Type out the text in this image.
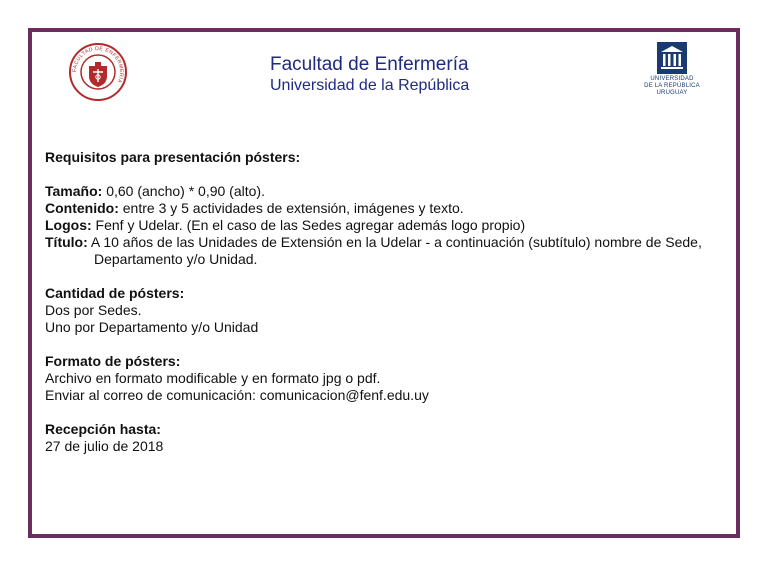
FACULTAD DE ENFERMERÍA
Facultad de Enfermería
Universidad de la República	UNIVERSIDAD
DE LA REPÚBLICA
URUGUAY

Requisitos para presentación pósters:

Tamaño: 0,60 (ancho) * 0,90 (alto).

Contenido: entre 3 y 5 actividades de extensión, imágenes y texto.

Logos: Fenf y Udelar. (En el caso de las Sedes agregar además logo propio)

Título: A 10 años de las Unidades de Extensión en la Udelar - a continuación (subtítulo) nombre de Sede, Departamento y/o Unidad.

Cantidad de pósters:

Dos por Sedes.

Uno por Departamento y/o Unidad

Formato de pósters:

Archivo en formato modificable y en formato jpg o pdf.

Enviar al correo de comunicación: comunicacion@fenf.edu.uy

Recepción hasta:

27 de julio de 2018
